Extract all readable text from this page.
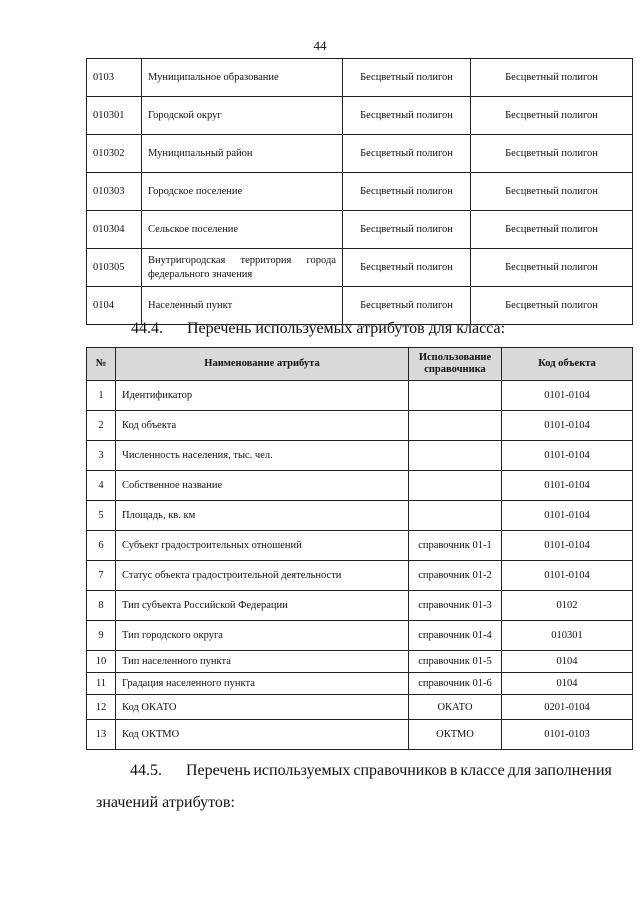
44
0103	Муниципальное образование	Бесцветный полигон	Бесцветный полигон
010301	Городской округ	Бесцветный полигон	Бесцветный полигон
010302	Муниципальный район	Бесцветный полигон	Бесцветный полигон
010303	Городское поселение	Бесцветный полигон	Бесцветный полигон
010304	Сельское поселение	Бесцветный полигон	Бесцветный полигон
010305	Внутригородская территория города федерального значения	Бесцветный полигон	Бесцветный полигон
0104	Населенный пункт	Бесцветный полигон	Бесцветный полигон
44.4. Перечень используемых атрибутов для класса:
№	Наименование атрибута	Использование справочника	Код объекта
1	Идентификатор		0101-0104
2	Код объекта		0101-0104
3	Численность населения, тыс. чел.		0101-0104
4	Собственное название		0101-0104
5	Площадь, кв. км		0101-0104
6	Субъект градостроительных отношений	справочник 01-1	0101-0104
7	Статус объекта градостроительной деятельности	справочник 01-2	0101-0104
8	Тип субъекта Российской Федерации	справочник 01-3	0102
9	Тип городского округа	справочник 01-4	010301
10	Тип населенного пункта	справочник 01-5	0104
11	Градация населенного пункта	справочник 01-6	0104
12	Код ОКАТО	ОКАТО	0201-0104
13	Код ОКТМО	ОКТМО	0101-0103
44.5.	Перечень используемых справочников в классе для заполнения
значений атрибутов:
